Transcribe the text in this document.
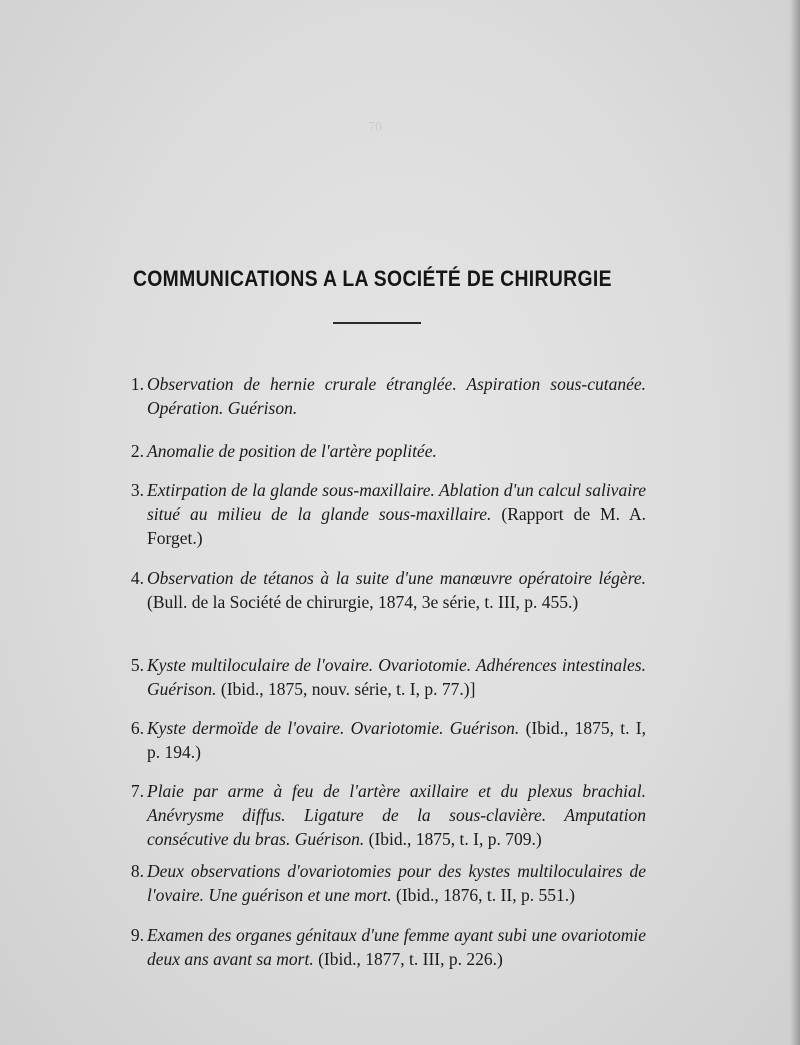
70
COMMUNICATIONS A LA SOCIÉTÉ DE CHIRURGIE
1. Observation de hernie crurale étranglée. Aspiration sous-cutanée. Opération. Guérison.
2. Anomalie de position de l'artère poplitée.
3. Extirpation de la glande sous-maxillaire. Ablation d'un calcul salivaire situé au milieu de la glande sous-maxillaire. (Rapport de M. A. Forget.)
4. Observation de tétanos à la suite d'une manœuvre opératoire légère. (Bull. de la Société de chirurgie, 1874, 3e série, t. III, p. 455.)
5. Kyste multiloculaire de l'ovaire. Ovariotomie. Adhérences intestinales. Guérison. (Ibid., 1875, nouv. série, t. I, p. 77.)]
6. Kyste dermoïde de l'ovaire. Ovariotomie. Guérison. (Ibid., 1875, t. I, p. 194.)
7. Plaie par arme à feu de l'artère axillaire et du plexus brachial. Anévrysme diffus. Ligature de la sous-clavière. Amputation consécutive du bras. Guérison. (Ibid., 1875, t. I, p. 709.)
8. Deux observations d'ovariotomies pour des kystes multiloculaires de l'ovaire. Une guérison et une mort. (Ibid., 1876, t. II, p. 551.)
9. Examen des organes génitaux d'une femme ayant subi une ovariotomie deux ans avant sa mort. (Ibid., 1877, t. III, p. 226.)
